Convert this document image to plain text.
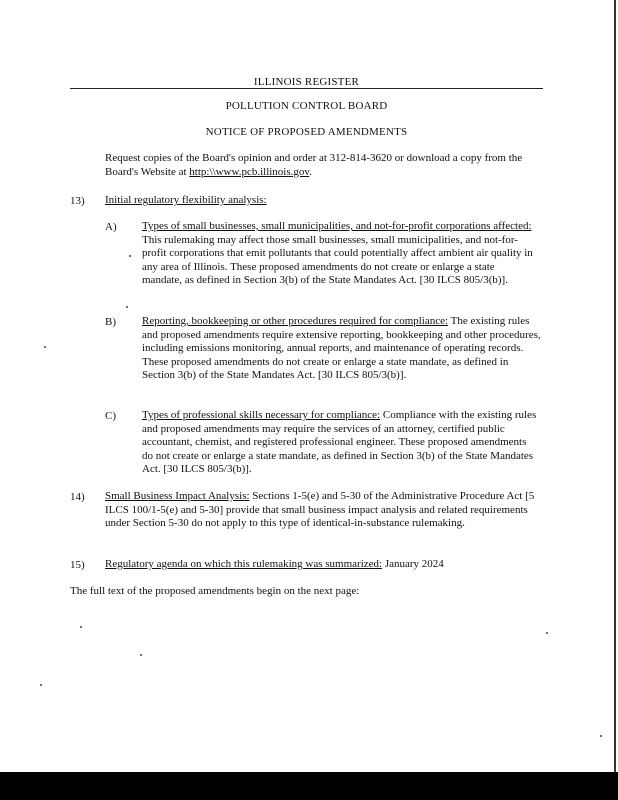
ILLINOIS REGISTER
POLLUTION CONTROL BOARD
NOTICE OF PROPOSED AMENDMENTS
Request copies of the Board's opinion and order at 312-814-3620 or download a copy from the Board's Website at http:\\www.pcb.illinois.gov.
13) Initial regulatory flexibility analysis:
A) Types of small businesses, small municipalities, and not-for-profit corporations affected: This rulemaking may affect those small businesses, small municipalities, and not-for-profit corporations that emit pollutants that could potentially affect ambient air quality in any area of Illinois. These proposed amendments do not create or enlarge a state mandate, as defined in Section 3(b) of the State Mandates Act. [30 ILCS 805/3(b)].
B) Reporting, bookkeeping or other procedures required for compliance: The existing rules and proposed amendments require extensive reporting, bookkeeping and other procedures, including emissions monitoring, annual reports, and maintenance of operating records. These proposed amendments do not create or enlarge a state mandate, as defined in Section 3(b) of the State Mandates Act. [30 ILCS 805/3(b)].
C) Types of professional skills necessary for compliance: Compliance with the existing rules and proposed amendments may require the services of an attorney, certified public accountant, chemist, and registered professional engineer. These proposed amendments do not create or enlarge a state mandate, as defined in Section 3(b) of the State Mandates Act. [30 ILCS 805/3(b)].
14) Small Business Impact Analysis: Sections 1-5(e) and 5-30 of the Administrative Procedure Act [5 ILCS 100/1-5(e) and 5-30] provide that small business impact analysis and related requirements under Section 5-30 do not apply to this type of identical-in-substance rulemaking.
15) Regulatory agenda on which this rulemaking was summarized: January 2024
The full text of the proposed amendments begin on the next page:
